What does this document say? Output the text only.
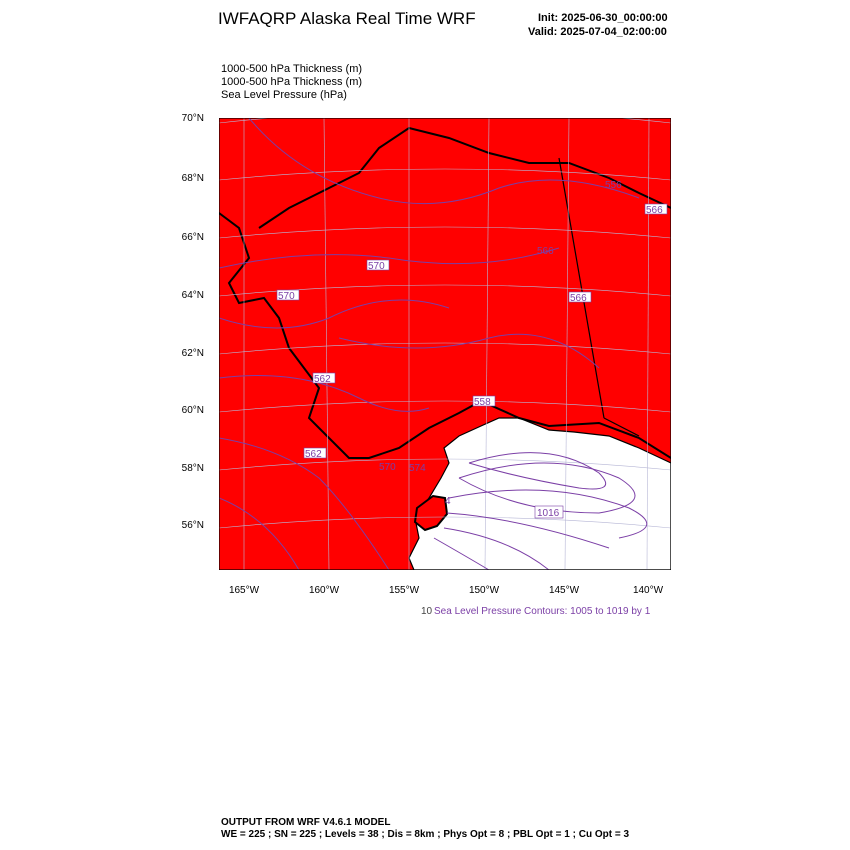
IWFAQRP Alaska Real Time WRF	Init: 2025-06-30_00:00:00
Valid: 2025-07-04_02:00:00
1000-500 hPa Thickness (m)
1000-500 hPa Thickness (m)
Sea Level Pressure (hPa)
1016
4
570
570	566
562
562
566
558
556
566
570 574
70°N
68°N
66°N
64°N
62°N
60°N
58°N
56°N
165°W	160°W	155°W	150°W	145°W	140°W
10 Sea Level Pressure Contours: 1005 to 1019 by 1
OUTPUT FROM WRF V4.6.1 MODEL
WE = 225 ; SN = 225 ; Levels = 38 ; Dis = 8km ; Phys Opt = 8 ; PBL Opt = 1 ; Cu Opt = 3
